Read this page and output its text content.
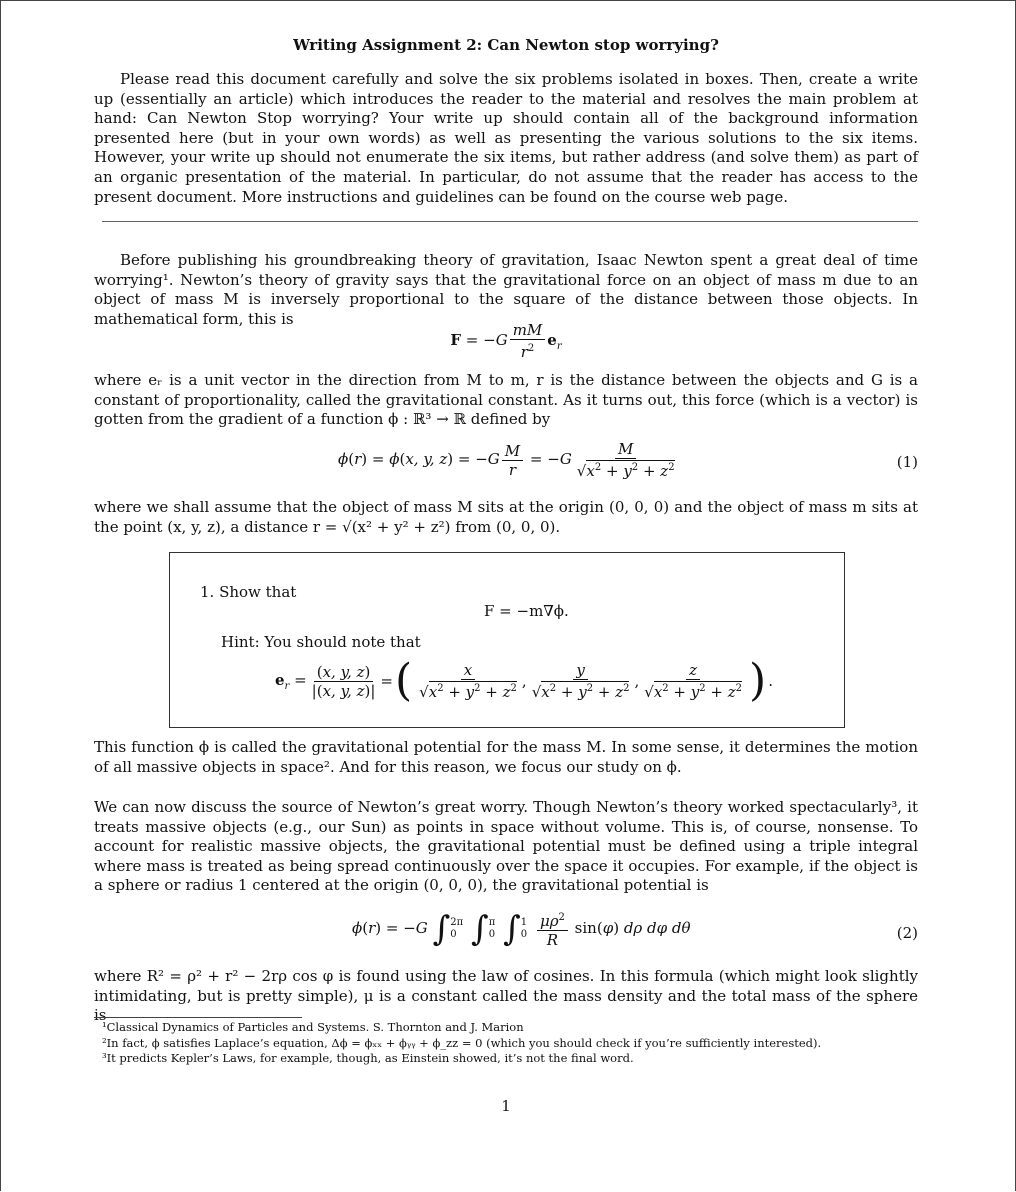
Writing Assignment 2: Can Newton stop worrying?
Please read this document carefully and solve the six problems isolated in boxes. Then, create a write up (essentially an article) which introduces the reader to the material and resolves the main problem at hand: Can Newton Stop worrying? Your write up should contain all of the background information presented here (but in your own words) as well as presenting the various solutions to the six items. However, your write up should not enumerate the six items, but rather address (and solve them) as part of an organic presentation of the material. In particular, do not assume that the reader has access to the present document. More instructions and guidelines can be found on the course web page.
Before publishing his groundbreaking theory of gravitation, Isaac Newton spent a great deal of time worrying¹. Newton’s theory of gravity says that the gravitational force on an object of mass m due to an object of mass M is inversely proportional to the square of the distance between those objects. In mathematical form, this is
$F = -G \frac{mM}{r^2} e_r$
where eᵣ is a unit vector in the direction from M to m, r is the distance between the objects and G is a constant of proportionality, called the gravitational constant. As it turns out, this force (which is a vector) is gotten from the gradient of a function ϕ : ℝ³ → ℝ defined by
ϕ(r) = ϕ(x, y, $z) = -G \frac{M}{r} = -G \frac{M}{√x^2 + y^2 + z^2}$	(1)
where we shall assume that the object of mass M sits at the origin (0, 0, 0) and the object of mass m sits at the point (x, y, z), a distance r = √(x² + y² + z²) from (0, 0, 0).
1. Show that
F = −m∇ϕ.
Hint: You should note that
$e_r = \frac{(x, y, z)}{|(x, y, z)|}$ = ( $\frac{x}{√x^2 + y^2 + z^2}$ , $\frac{y}{√x^2 + y^2 + z^2}$ , $\frac{z}{√x^2 + y^2 + z^2}$ ) .
This function ϕ is called the gravitational potential for the mass M. In some sense, it determines the motion of all massive objects in space². And for this reason, we focus our study on ϕ.
We can now discuss the source of Newton’s great worry. Though Newton’s theory worked spectacularly³, it treats massive objects (e.g., our Sun) as points in space without volume. This is, of course, nonsense. To account for realistic massive objects, the gravitational potential must be defined using a triple integral where mass is treated as being spread continuously over the space it occupies. For example, if the object is a sphere or radius 1 centered at the origin (0, 0, 0), the gravitational potential is
ϕ(r) = −G ∫ 2π
0 ∫ π
0 ∫ 1
0
$\frac{\mu\rho^2}{R} \sin(\varphi)$ dρ dφ dθ	(2)
where R² = ρ² + r² − 2rρ cos φ is found using the law of cosines. In this formula (which might look slightly intimidating, but is pretty simple), μ is a constant called the mass density and the total mass of the sphere is
¹Classical Dynamics of Particles and Systems. S. Thornton and J. Marion
²In fact, ϕ satisfies Laplace’s equation, Δϕ = ϕₓₓ + ϕᵧᵧ + ϕ_zz = 0 (which you should check if you’re sufficiently interested).
³It predicts Kepler’s Laws, for example, though, as Einstein showed, it’s not the final word.
1
